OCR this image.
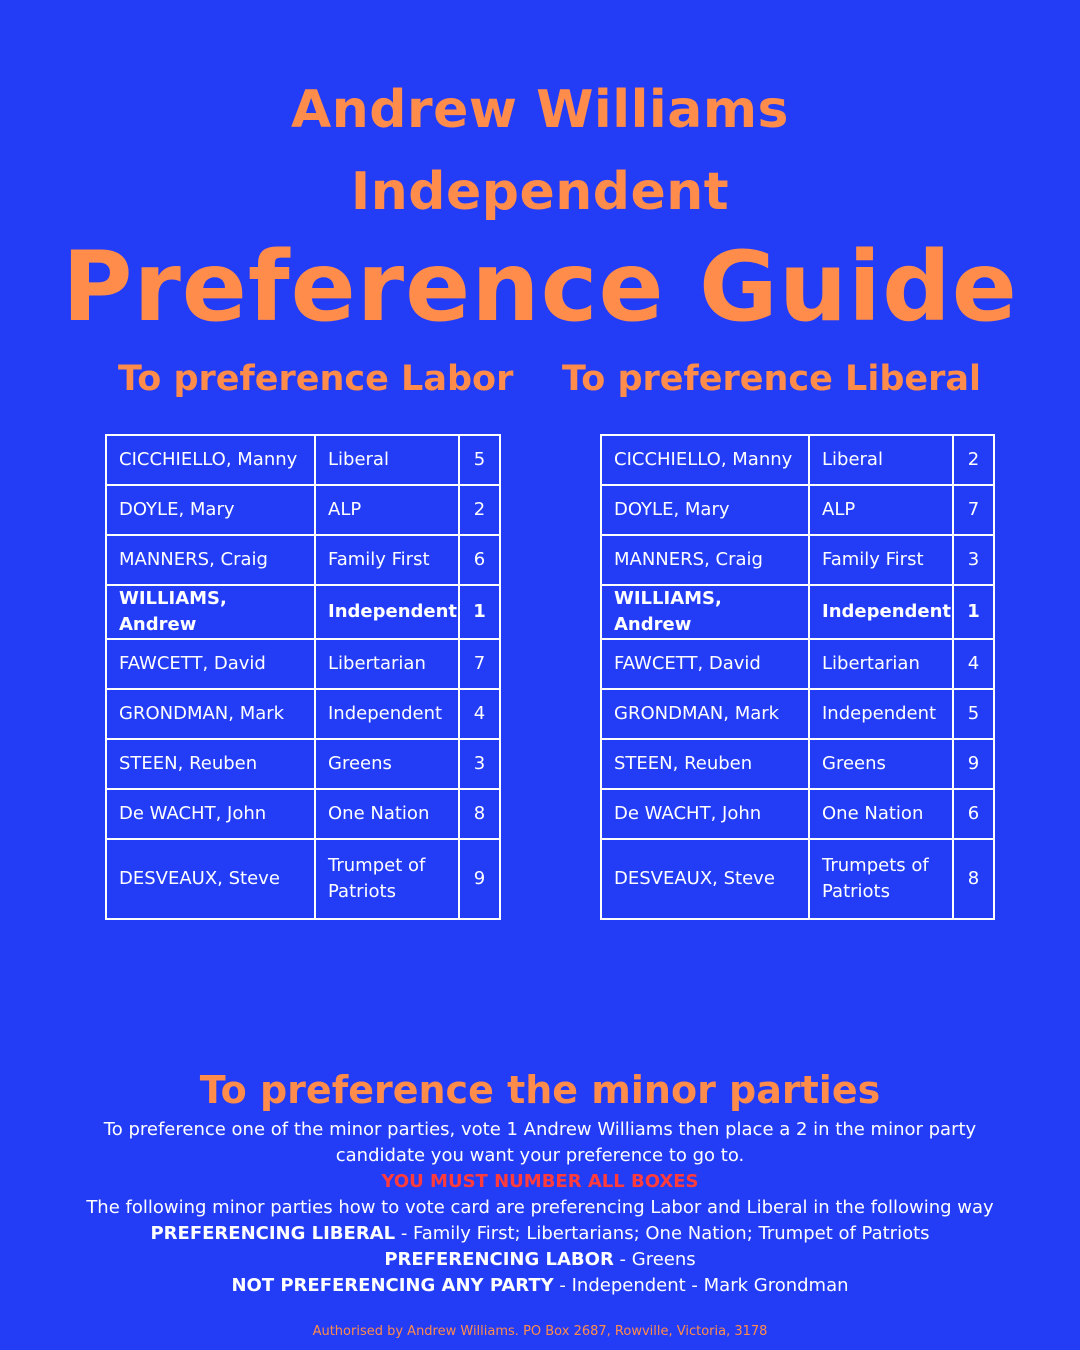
Andrew Williams
Independent
Preference Guide
To preference Labor To preference Liberal
CICCHIELLO, Manny	Liberal	5
DOYLE, Mary	ALP	2
MANNERS, Craig	Family First	6
WILLIAMS, Andrew	Independent	1
FAWCETT, David	Libertarian	7
GRONDMAN, Mark	Independent	4
STEEN, Reuben	Greens	3
De WACHT, John	One Nation	8
DESVEAUX, Steve	Trumpet of Patriots	9
CICCHIELLO, Manny	Liberal	2
DOYLE, Mary	ALP	7
MANNERS, Craig	Family First	3
WILLIAMS, Andrew	Independent	1
FAWCETT, David	Libertarian	4
GRONDMAN, Mark	Independent	5
STEEN, Reuben	Greens	9
De WACHT, John	One Nation	6
DESVEAUX, Steve	Trumpets of Patriots	8
To preference the minor parties
To preference one of the minor parties, vote 1 Andrew Williams then place a 2 in the minor party candidate you want your preference to go to.
YOU MUST NUMBER ALL BOXES
The following minor parties how to vote card are preferencing Labor and Liberal in the following way
PREFERENCING LIBERAL - Family First; Libertarians; One Nation; Trumpet of Patriots
PREFERENCING LABOR - Greens
NOT PREFERENCING ANY PARTY - Independent - Mark Grondman
Authorised by Andrew Williams. PO Box 2687, Rowville, Victoria, 3178
